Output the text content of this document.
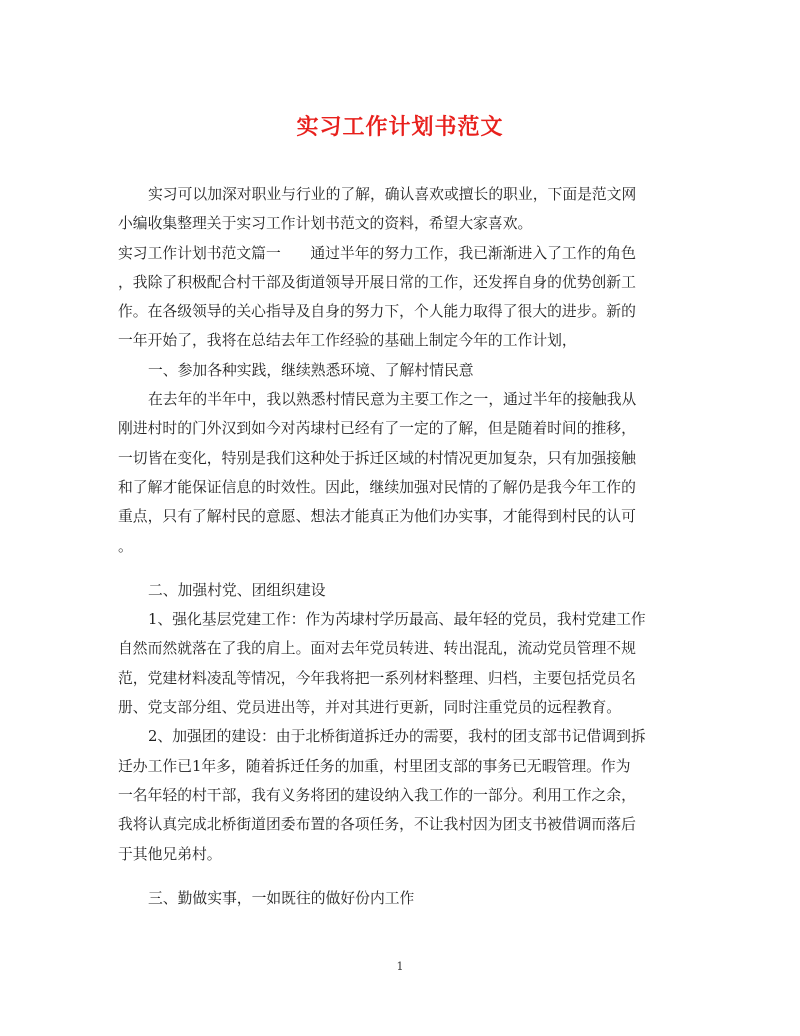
实习工作计划书范文
实习可以加深对职业与行业的了解，确认喜欢或擅长的职业，下面是范文网
小编收集整理关于实习工作计划书范文的资料，希望大家喜欢。
实习工作计划书范文篇一　　通过半年的努力工作，我已渐渐进入了工作的角色
，我除了积极配合村干部及街道领导开展日常的工作，还发挥自身的优势创新工
作。在各级领导的关心指导及自身的努力下，个人能力取得了很大的进步。新的
一年开始了，我将在总结去年工作经验的基础上制定今年的工作计划，
一、参加各种实践，继续熟悉环境、了解村情民意
在去年的半年中，我以熟悉村情民意为主要工作之一，通过半年的接触我从
刚进村时的门外汉到如今对芮埭村已经有了一定的了解，但是随着时间的推移，
一切皆在变化，特别是我们这种处于拆迁区域的村情况更加复杂，只有加强接触
和了解才能保证信息的时效性。因此，继续加强对民情的了解仍是我今年工作的
重点，只有了解村民的意愿、想法才能真正为他们办实事，才能得到村民的认可
。
二、加强村党、团组织建设
1、强化基层党建工作：作为芮埭村学历最高、最年轻的党员，我村党建工作
自然而然就落在了我的肩上。面对去年党员转进、转出混乱，流动党员管理不规
范，党建材料凌乱等情况，今年我将把一系列材料整理、归档，主要包括党员名
册、党支部分组、党员进出等，并对其进行更新，同时注重党员的远程教育。
2、加强团的建设：由于北桥街道拆迁办的需要，我村的团支部书记借调到拆
迁办工作已1年多，随着拆迁任务的加重，村里团支部的事务已无暇管理。作为
一名年轻的村干部，我有义务将团的建设纳入我工作的一部分。利用工作之余，
我将认真完成北桥街道团委布置的各项任务，不让我村因为团支书被借调而落后
于其他兄弟村。
三、勤做实事，一如既往的做好份内工作
1
